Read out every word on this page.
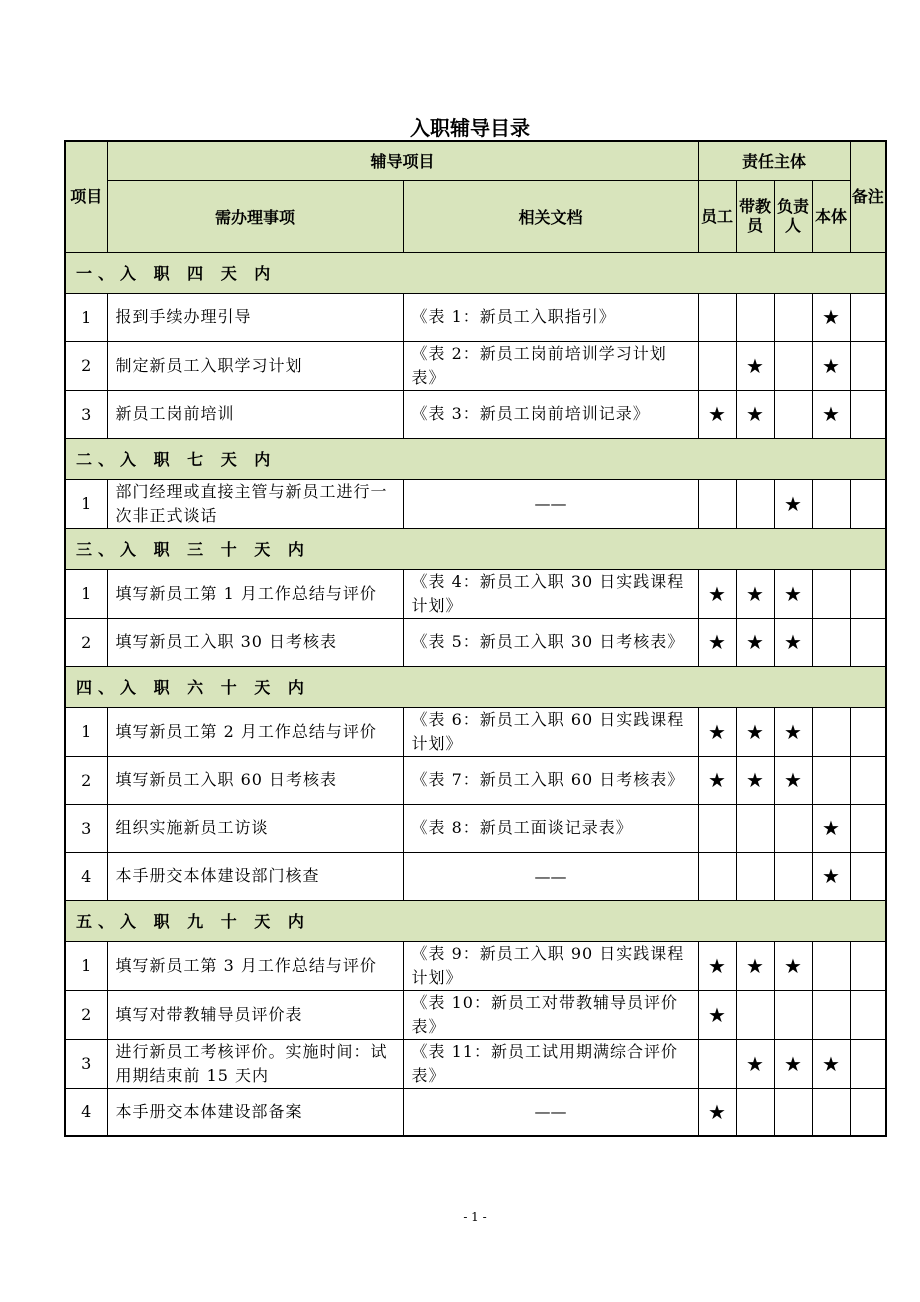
入职辅导目录
项目	辅导项目		责任主体				备注
	需办理事项	相关文档	员工	带教员	负责人	本体	
一、入 职 四 天 内							
1	报到手续办理引导	《表 1：新员工入职指引》				★	
2	制定新员工入职学习计划	《表 2：新员工岗前培训学习计划表》		★		★	
3	新员工岗前培训	《表 3：新员工岗前培训记录》	★	★		★	
二、入 职 七 天 内							
1	部门经理或直接主管与新员工进行一次非正式谈话	——			★		
三、入 职 三 十 天 内							
1	填写新员工第 1 月工作总结与评价	《表 4：新员工入职 30 日实践课程计划》	★	★	★		
2	填写新员工入职 30 日考核表	《表 5：新员工入职 30 日考核表》	★	★	★		
四、入 职 六 十 天 内							
1	填写新员工第 2 月工作总结与评价	《表 6：新员工入职 60 日实践课程计划》	★	★	★		
2	填写新员工入职 60 日考核表	《表 7：新员工入职 60 日考核表》	★	★	★		
3	组织实施新员工访谈	《表 8：新员工面谈记录表》				★	
4	本手册交本体建设部门核查	——				★	
五、入 职 九 十 天 内							
1	填写新员工第 3 月工作总结与评价	《表 9：新员工入职 90 日实践课程计划》	★	★	★		
2	填写对带教辅导员评价表	《表 10：新员工对带教辅导员评价表》	★				
3	进行新员工考核评价。实施时间：试用期结束前 15 天内	《表 11：新员工试用期满综合评价表》		★	★	★	
4	本手册交本体建设部备案	——	★				
- 1 -
